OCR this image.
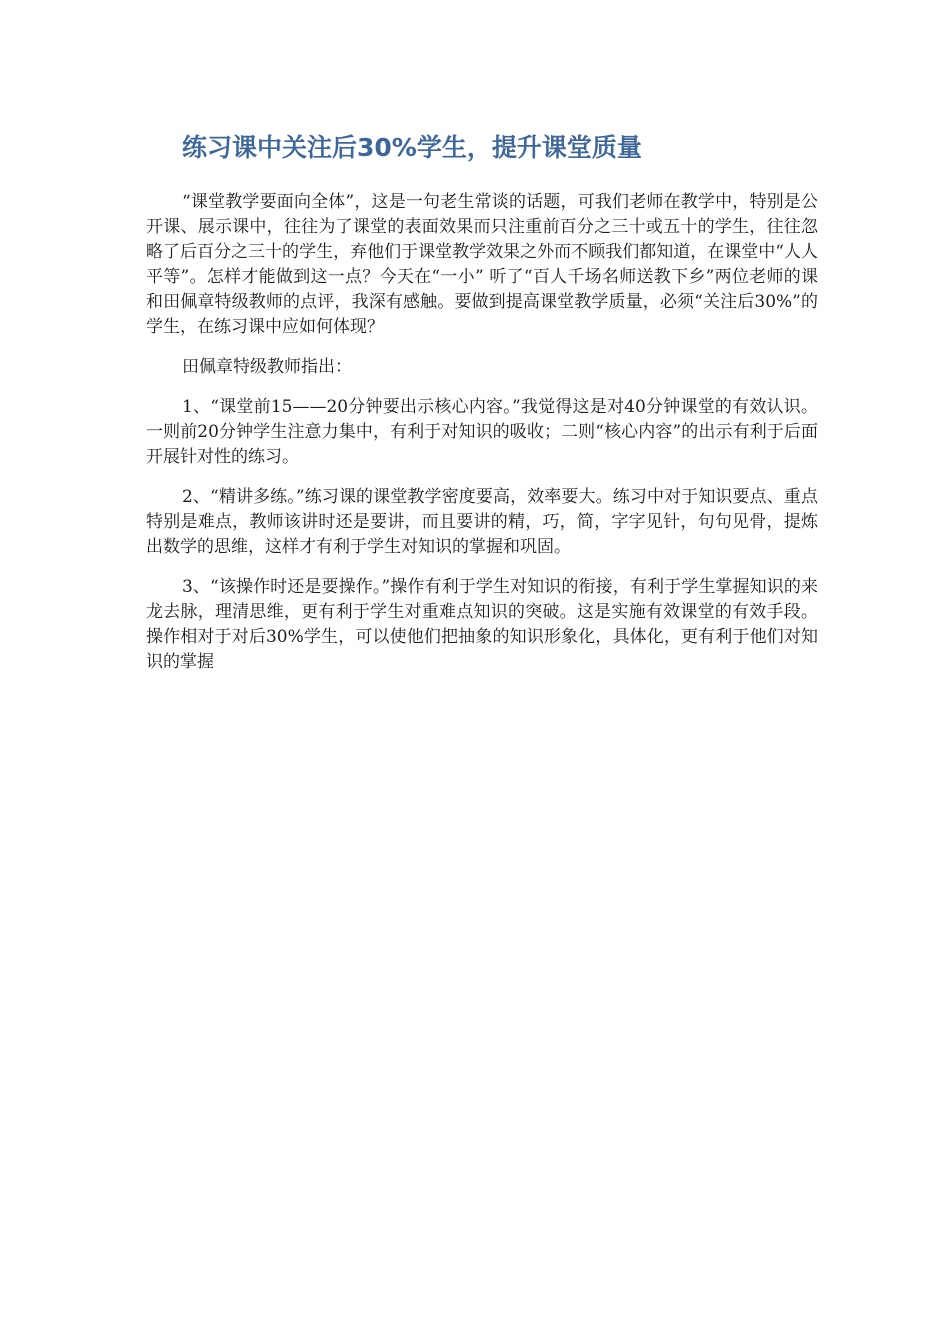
练习课中关注后30%学生，提升课堂质量

“课堂教学要面向全体”，这是一句老生常谈的话题，可我们老师在教学中，特别是公开课、展示课中，往往为了课堂的表面效果而只注重前百分之三十或五十的学生，往往忽略了后百分之三十的学生，弃他们于课堂教学效果之外而不顾我们都知道，在课堂中“人人平等”。怎样才能做到这一点？今天在“一小” 听了“百人千场名师送教下乡”两位老师的课和田佩章特级教师的点评，我深有感触。要做到提高课堂教学质量，必须“关注后30%”的学生，在练习课中应如何体现？

田佩章特级教师指出：

1、“课堂前15——20分钟要出示核心内容。”我觉得这是对40分钟课堂的有效认识。一则前20分钟学生注意力集中，有利于对知识的吸收；二则“核心内容”的出示有利于后面开展针对性的练习。

2、“精讲多练。”练习课的课堂教学密度要高，效率要大。练习中对于知识要点、重点特别是难点，教师该讲时还是要讲，而且要讲的精，巧，简，字字见针，句句见骨，提炼出数学的思维，这样才有利于学生对知识的掌握和巩固。

3、“该操作时还是要操作。”操作有利于学生对知识的衔接，有利于学生掌握知识的来龙去脉，理清思维，更有利于学生对重难点知识的突破。这是实施有效课堂的有效手段。操作相对于对后30%学生，可以使他们把抽象的知识形象化，具体化，更有利于他们对知识的掌握
